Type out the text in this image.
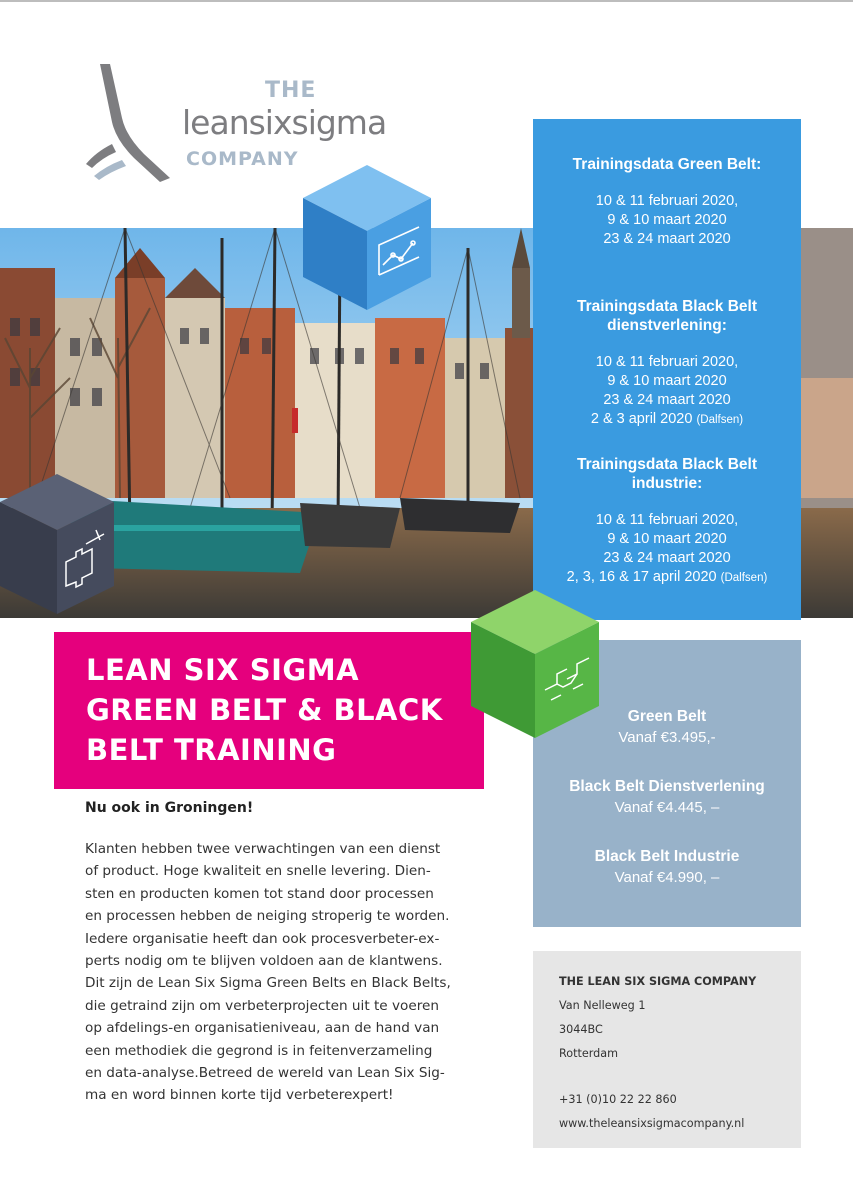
THE
leansixsigma
COMPANY	Trainingsdata Green Belt:
10 & 11 februari 2020,
9 & 10 maart 2020
23 & 24 maart 2020
Trainingsdata Black Belt
dienstverlening:
10 & 11 februari 2020,
9 & 10 maart 2020
23 & 24 maart 2020
2 & 3 april 2020 (Dalfsen)
Trainingsdata Black Belt
industrie:
10 & 11 februari 2020,
9 & 10 maart 2020
23 & 24 maart 2020
2, 3, 16 & 17 april 2020 (Dalfsen)
Green Belt
Vanaf €3.495,-
Black Belt Dienstverlening
Vanaf €4.445, –
Black Belt Industrie
Vanaf €4.990, –
LEAN SIX SIGMA
GREEN BELT & BLACK
BELT TRAINING
Nu ook in Groningen!
Klanten hebben twee verwachtingen van een dienst
of product. Hoge kwaliteit en snelle levering. Dien-
sten en producten komen tot stand door processen
en processen hebben de neiging stroperig te worden.
Iedere organisatie heeft dan ook procesverbeter-ex-
perts nodig om te blijven voldoen aan de klantwens.
Dit zijn de Lean Six Sigma Green Belts en Black Belts,
die getraind zijn om verbeterprojecten uit te voeren
op afdelings-en organisatieniveau, aan de hand van
een methodiek die gegrond is in feitenverzameling
en data-analyse.Betreed de wereld van Lean Six Sig-
ma en word binnen korte tijd verbeterexpert!
THE LEAN SIX SIGMA COMPANY
Van Nelleweg 1
3044BC
Rotterdam
+31 (0)10 22 22 860
www.theleansixsigmacompany.nl
